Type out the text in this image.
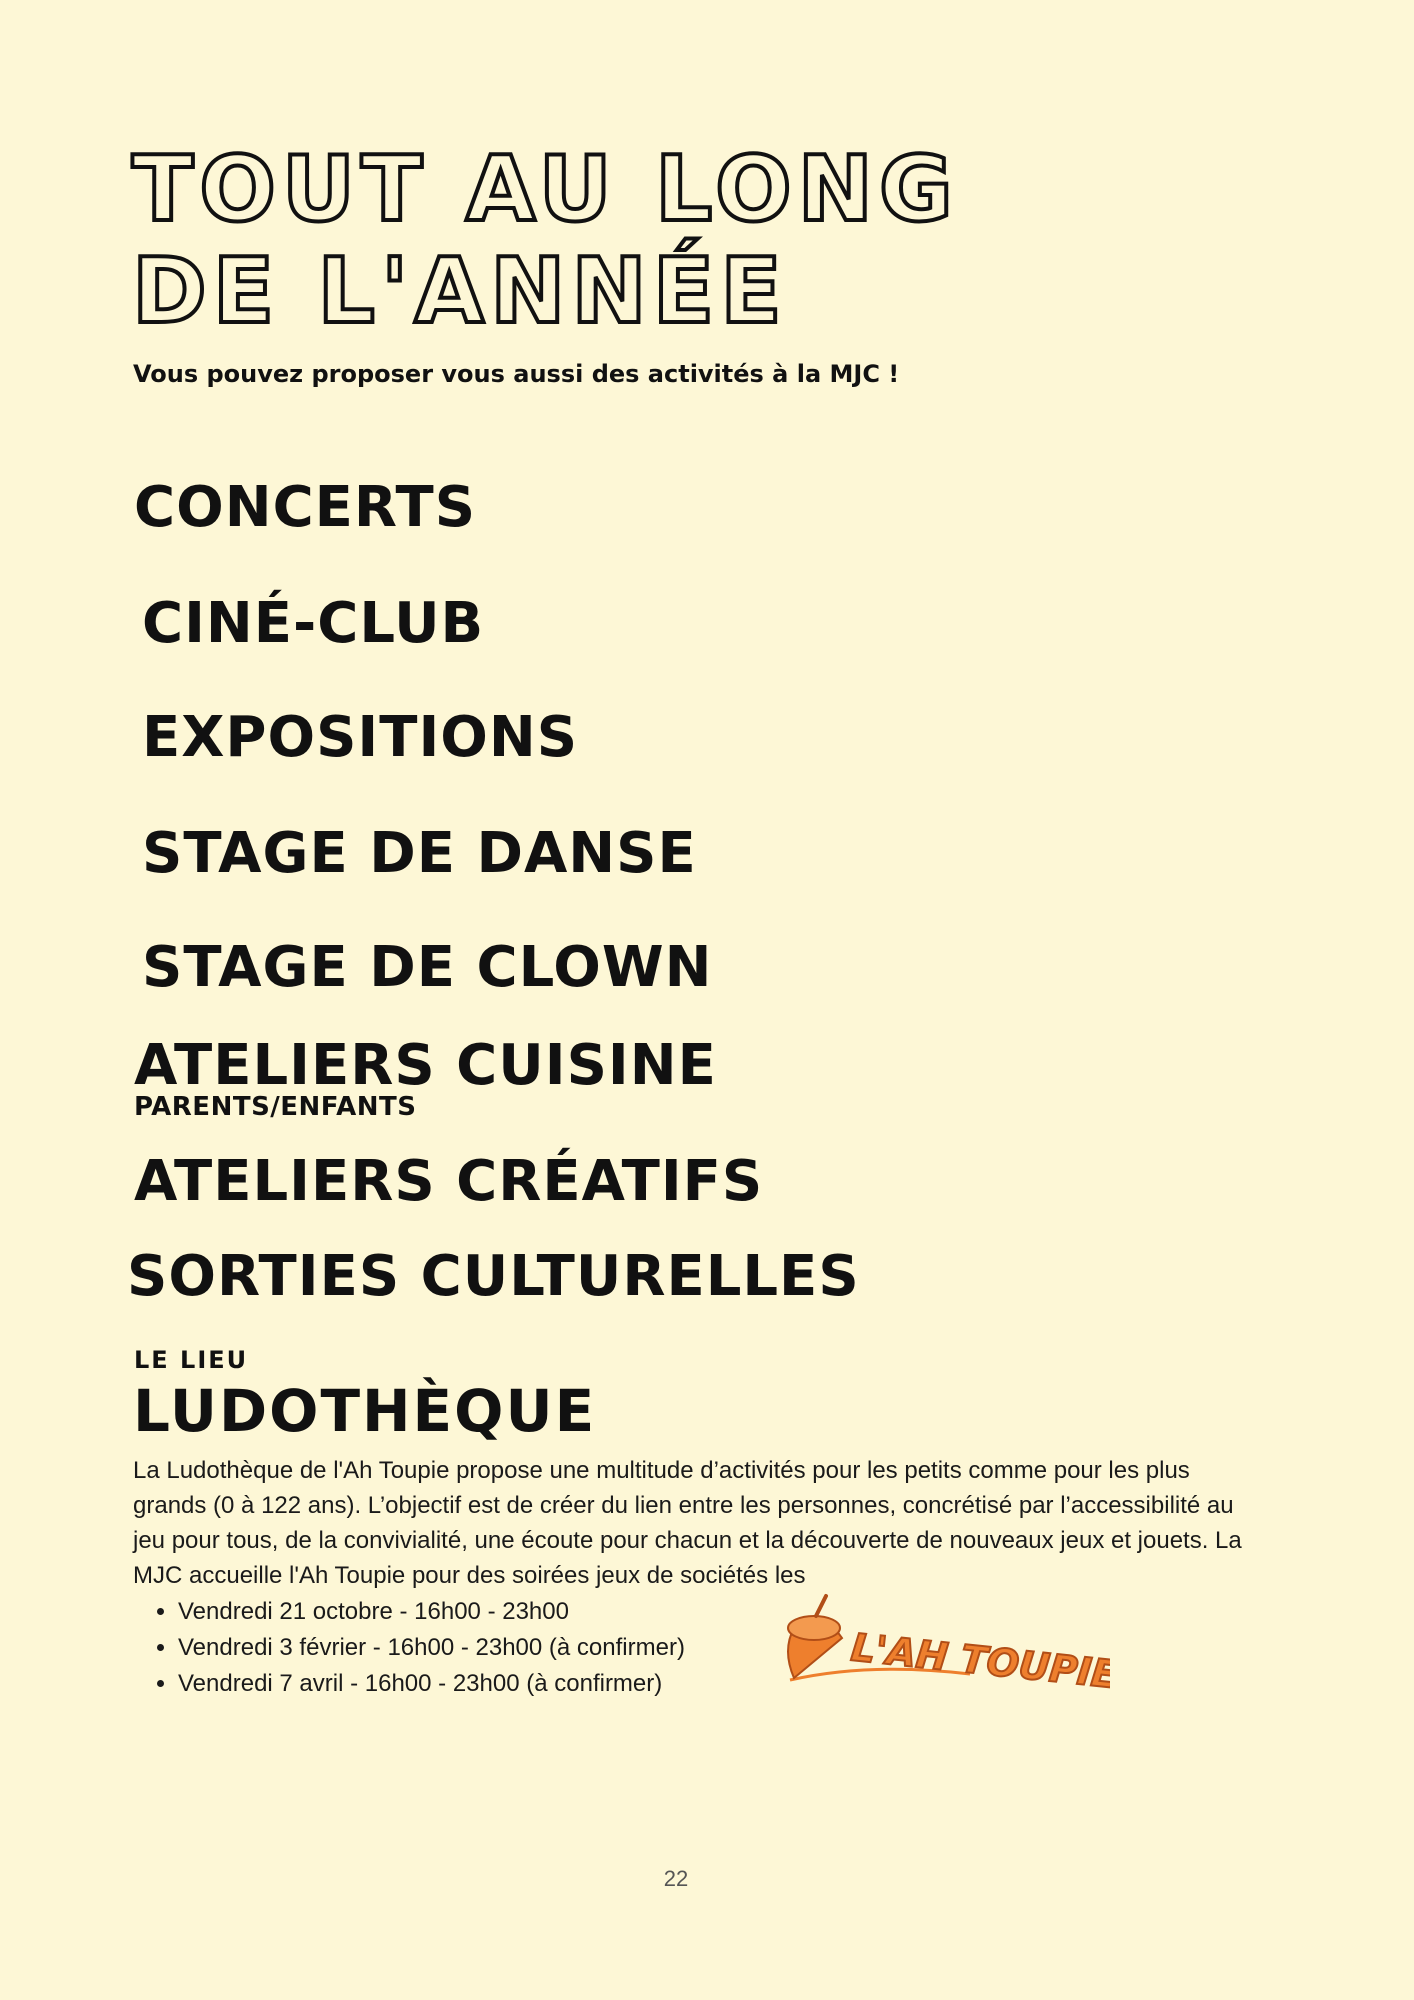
TOUT AU LONG
DE L'ANNÉE
Vous pouvez proposer vous aussi des activités à la MJC !
CONCERTS
CINÉ-CLUB
EXPOSITIONS
STAGE DE DANSE
STAGE DE CLOWN
ATELIERS CUISINE
PARENTS/ENFANTS
ATELIERS CRÉATIFS
SORTIES CULTURELLES
LE LIEU
LUDOTHÈQUE

La Ludothèque de l'Ah Toupie propose une multitude d’activités pour les petits comme pour les plus grands (0 à 122 ans). L’objectif est de créer du lien entre les personnes, concrétisé par l’accessibilité au jeu pour tous, de la convivialité, une écoute pour chacun et la découverte de nouveaux jeux et jouets. La MJC accueille l'Ah Toupie pour des soirées jeux de sociétés les

• Vendredi 21 octobre - 16h00 - 23h00
• Vendredi 3 février - 16h00 - 23h00 (à confirmer)
• Vendredi 7 avril - 16h00 - 23h00 (à confirmer)	L'AH TOUPIE
22
